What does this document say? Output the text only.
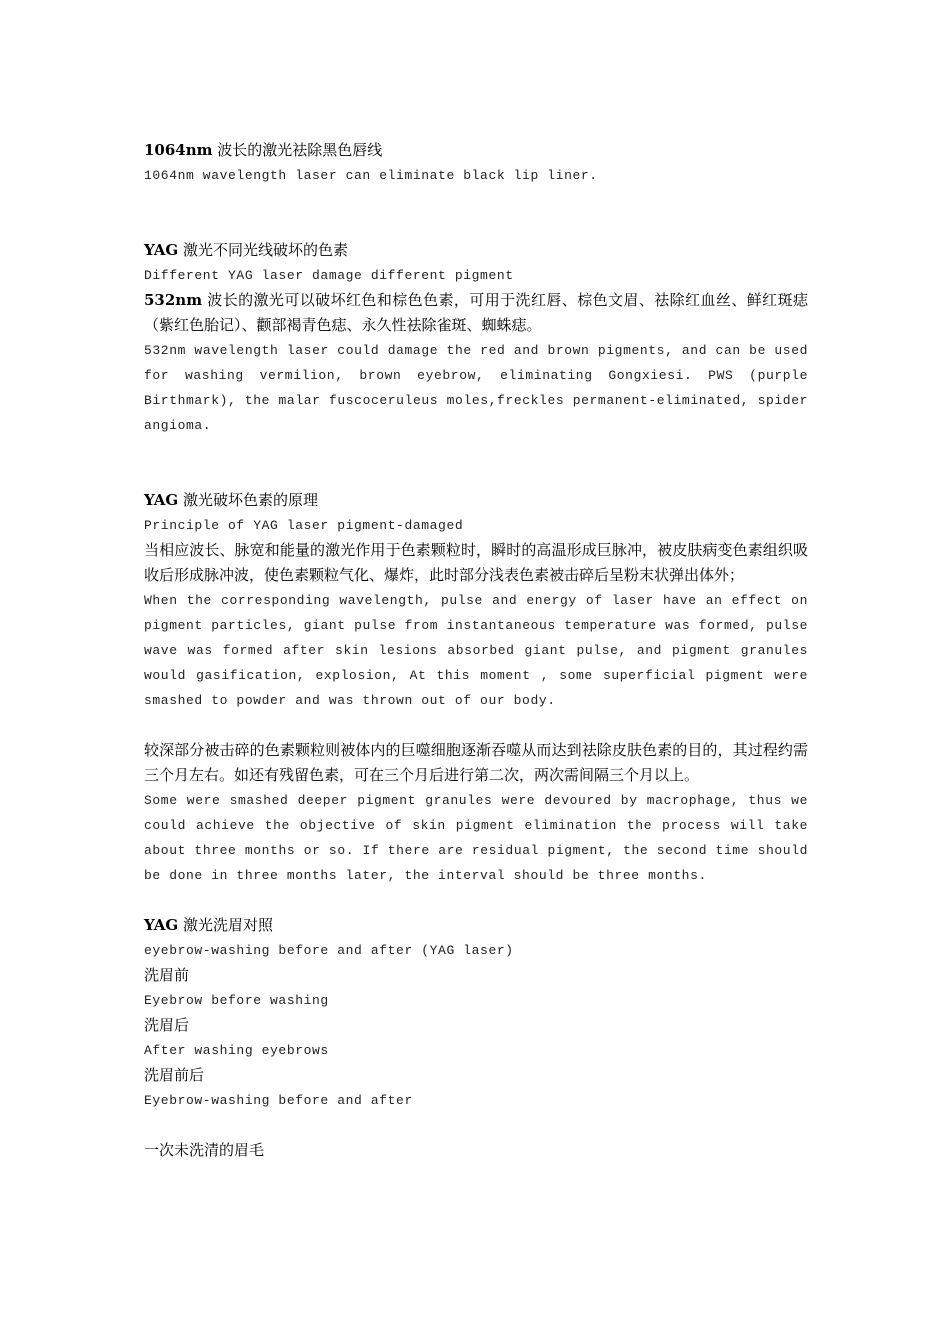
1064nm 波长的激光祛除黑色唇线

1064nm wavelength laser can eliminate black lip liner.

YAG 激光不同光线破坏的色素

Different YAG laser damage different pigment

532nm 波长的激光可以破坏红色和棕色色素，可用于洗红唇、棕色文眉、祛除红血丝、鲜红斑痣（紫红色胎记）、颧部褐青色痣、永久性祛除雀斑、蜘蛛痣。

532nm wavelength laser could damage the red and brown pigments, and can be used for washing vermilion, brown eyebrow, eliminating Gongxiesi. PWS (purple Birthmark), the malar fuscoceruleus moles,freckles permanent-eliminated, spider angioma.

YAG 激光破坏色素的原理

Principle of YAG laser pigment-damaged

当相应波长、脉宽和能量的激光作用于色素颗粒时，瞬时的高温形成巨脉冲，被皮肤病变色素组织吸收后形成脉冲波，使色素颗粒气化、爆炸，此时部分浅表色素被击碎后呈粉末状弹出体外；

When the corresponding wavelength, pulse and energy of laser have an effect on pigment particles, giant pulse from instantaneous temperature was formed, pulse wave was formed after skin lesions absorbed giant pulse, and pigment granules would gasification, explosion, At this moment , some superficial pigment were smashed to powder and was thrown out of our body.

较深部分被击碎的色素颗粒则被体内的巨噬细胞逐渐吞噬从而达到祛除皮肤色素的目的，其过程约需三个月左右。如还有残留色素，可在三个月后进行第二次，两次需间隔三个月以上。

Some were smashed deeper pigment granules were devoured by macrophage, thus we could achieve the objective of skin pigment elimination the process will take about three months or so. If there are residual pigment, the second time should be done in three months later, the interval should be three months.

YAG 激光洗眉对照

eyebrow-washing before and after (YAG laser)

洗眉前

Eyebrow before washing

洗眉后

After washing eyebrows

洗眉前后

Eyebrow-washing before and after

一次未洗清的眉毛
